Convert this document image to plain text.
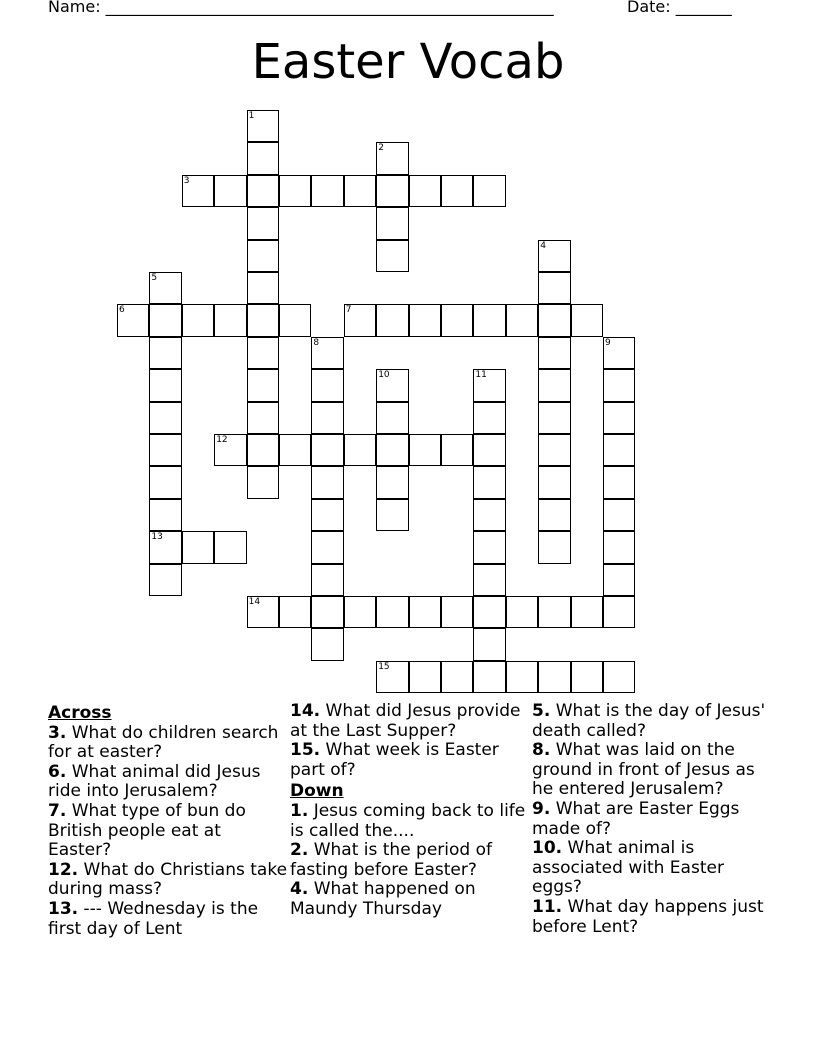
Name: ________________________________________________________	Date: _______
Easter Vocab
3
6	7
12
13
14
15
1
2
4
5
8	9
10	11
Across
3. What do children search for at easter?
6. What animal did Jesus ride into Jerusalem?
7. What type of bun do British people eat at Easter?
12. What do Christians take during mass?
13. --- Wednesday is the first day of Lent
14. What did Jesus provide at the Last Supper?
15. What week is Easter part of?
Down
1. Jesus coming back to life is called the....
2. What is the period of fasting before Easter?
4. What happened on Maundy Thursday
5. What is the day of Jesus' death called?
8. What was laid on the ground in front of Jesus as he entered Jerusalem?
9. What are Easter Eggs made of?
10. What animal is associated with Easter eggs?
11. What day happens just before Lent?
